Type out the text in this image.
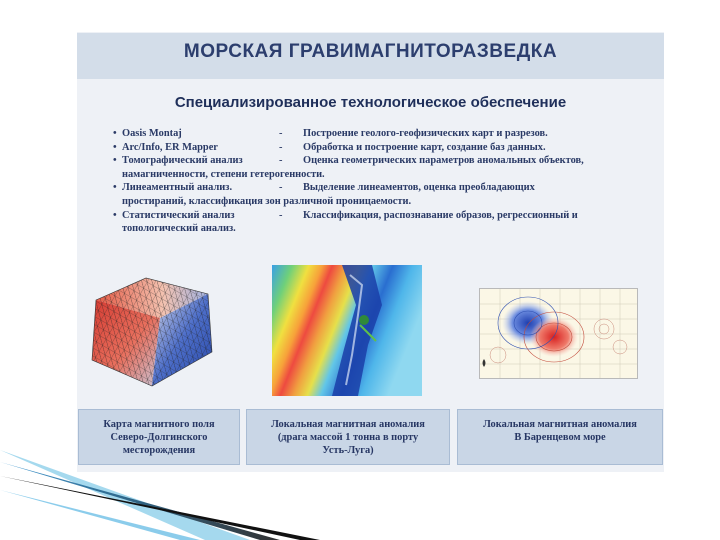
МОРСКАЯ ГРАВИМАГНИТОРАЗВЕДКА
Специализированное технологическое обеспечение
• Oasis Montaj	-	Построение геолого-геофизических карт и разрезов.
• Arc/Info, ER Mapper	-	Обработка и построение карт, создание баз данных.
• Томографический анализ	-	Оценка геометрических параметров аномальных объектов,
намагниченности, степени гетерогенности.
• Линеаментный анализ.	-	Выделение линеаментов, оценка преобладающих
простираний, классификация зон различной проницаемости.
• Статистический анализ	-	Классификация, распознавание образов, регрессионный и
топологический анализ.
Карта магнитного поля
Северо-Долгинского
месторождения
Локальная магнитная аномалия
(драга массой 1 тонна в порту
Усть-Луга)
Локальная магнитная аномалия
В Баренцевом море
